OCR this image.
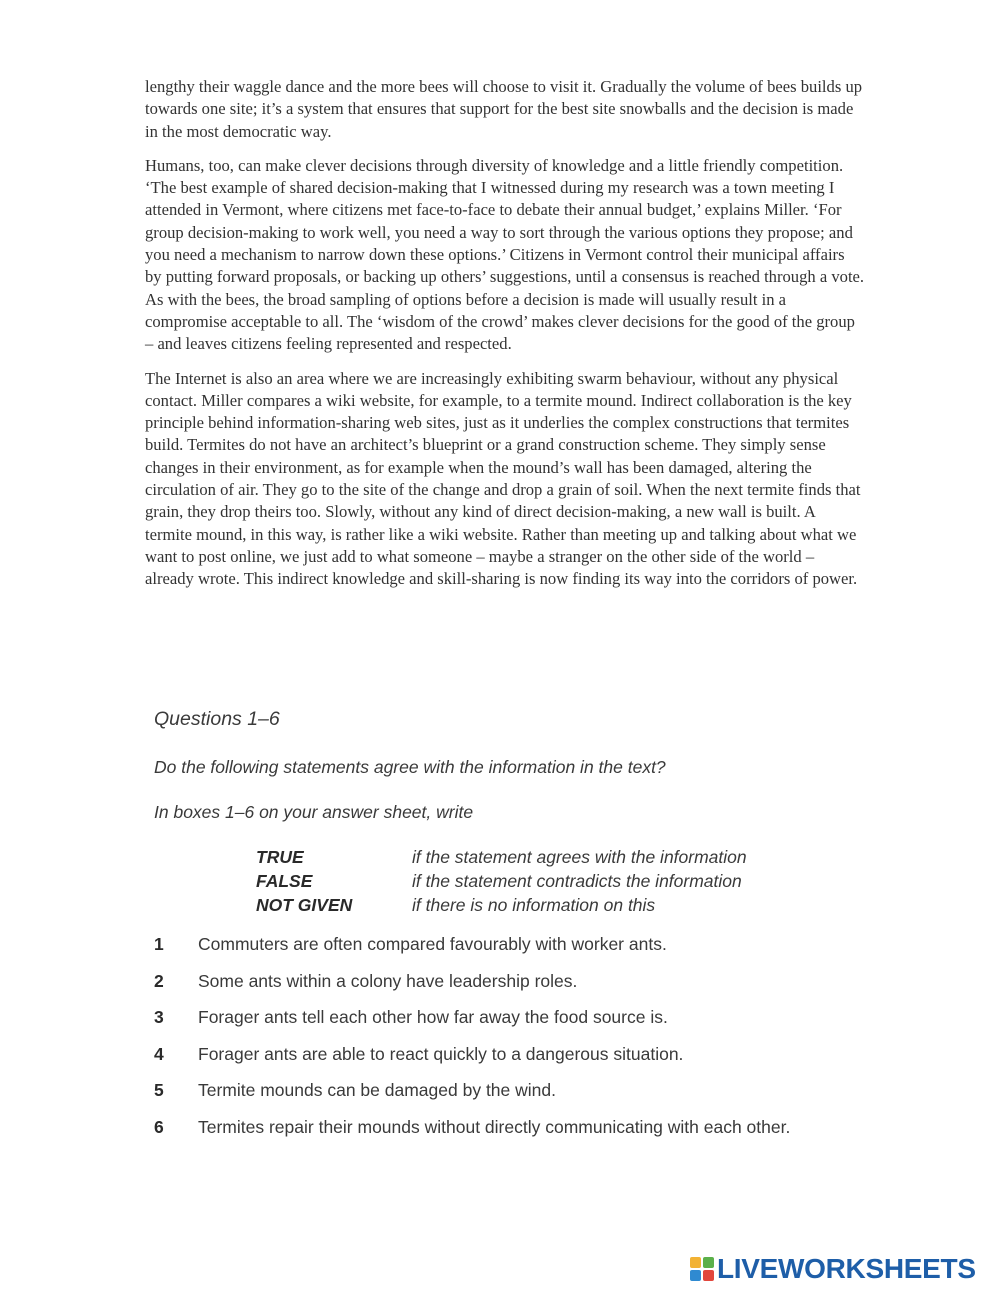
lengthy their waggle dance and the more bees will choose to visit it. Gradually the volume of bees builds up towards one site; it’s a system that ensures that support for the best site snowballs and the decision is made in the most democratic way.

Humans, too, can make clever decisions through diversity of knowledge and a little friendly competition. ‘The best example of shared decision-making that I witnessed during my research was a town meeting I attended in Vermont, where citizens met face-to-face to debate their annual budget,’ explains Miller. ‘For group decision-making to work well, you need a way to sort through the various options they propose; and you need a mechanism to narrow down these options.’ Citizens in Vermont control their municipal affairs by putting forward proposals, or backing up others’ suggestions, until a consensus is reached through a vote. As with the bees, the broad sampling of options before a decision is made will usually result in a compromise acceptable to all. The ‘wisdom of the crowd’ makes clever decisions for the good of the group – and leaves citizens feeling represented and respected.

The Internet is also an area where we are increasingly exhibiting swarm behaviour, without any physical contact. Miller compares a wiki website, for example, to a termite mound. Indirect collaboration is the key principle behind information-sharing web sites, just as it underlies the complex constructions that termites build. Termites do not have an architect’s blueprint or a grand construction scheme. They simply sense changes in their environment, as for example when the mound’s wall has been damaged, altering the circulation of air. They go to the site of the change and drop a grain of soil. When the next termite finds that grain, they drop theirs too. Slowly, without any kind of direct decision-making, a new wall is built. A termite mound, in this way, is rather like a wiki website. Rather than meeting up and talking about what we want to post online, we just add to what someone – maybe a stranger on the other side of the world – already wrote. This indirect knowledge and skill-sharing is now finding its way into the corridors of power.

Questions 1–6
Do the following statements agree with the information in the text?
In boxes 1–6 on your answer sheet, write
TRUE	if the statement agrees with the information
FALSE	if the statement contradicts the information
NOT GIVEN	if there is no information on this
1	Commuters are often compared favourably with worker ants.
2	Some ants within a colony have leadership roles.
3	Forager ants tell each other how far away the food source is.
4	Forager ants are able to react quickly to a dangerous situation.
5	Termite mounds can be damaged by the wind.
6	Termites repair their mounds without directly communicating with each other.
LIVEWORKSHEETS
